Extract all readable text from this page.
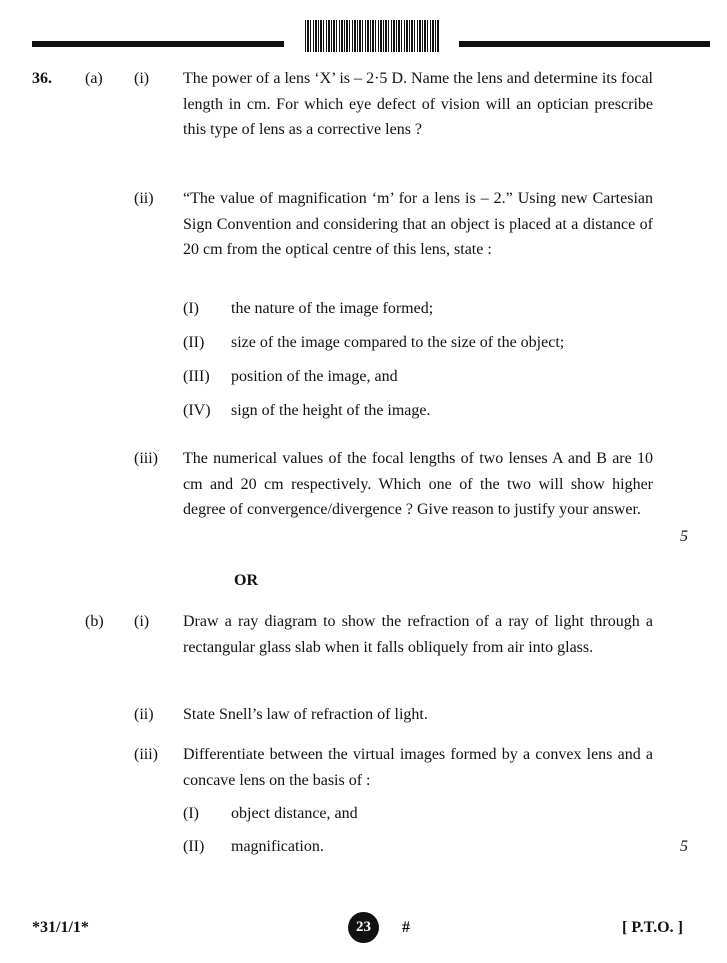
36. (a) (i) The power of a lens ‘X’ is – 2·5 D. Name the lens and determine its focal length in cm. For which eye defect of vision will an optician prescribe this type of lens as a corrective lens ?
(ii) “The value of magnification ‘m’ for a lens is – 2.” Using new Cartesian Sign Convention and considering that an object is placed at a distance of 20 cm from the optical centre of this lens, state :
(I) the nature of the image formed;
(II) size of the image compared to the size of the object;
(III) position of the image, and
(IV) sign of the height of the image.
(iii) The numerical values of the focal lengths of two lenses A and B are 10 cm and 20 cm respectively. Which one of the two will show higher degree of convergence/divergence ? Give reason to justify your answer.
5
OR
(b) (i) Draw a ray diagram to show the refraction of a ray of light through a rectangular glass slab when it falls obliquely from air into glass.
(ii) State Snell’s law of refraction of light.
(iii) Differentiate between the virtual images formed by a convex lens and a concave lens on the basis of :
(I) object distance, and
(II) magnification.	5
*31/1/1*	23	#	[ P.T.O. ]
